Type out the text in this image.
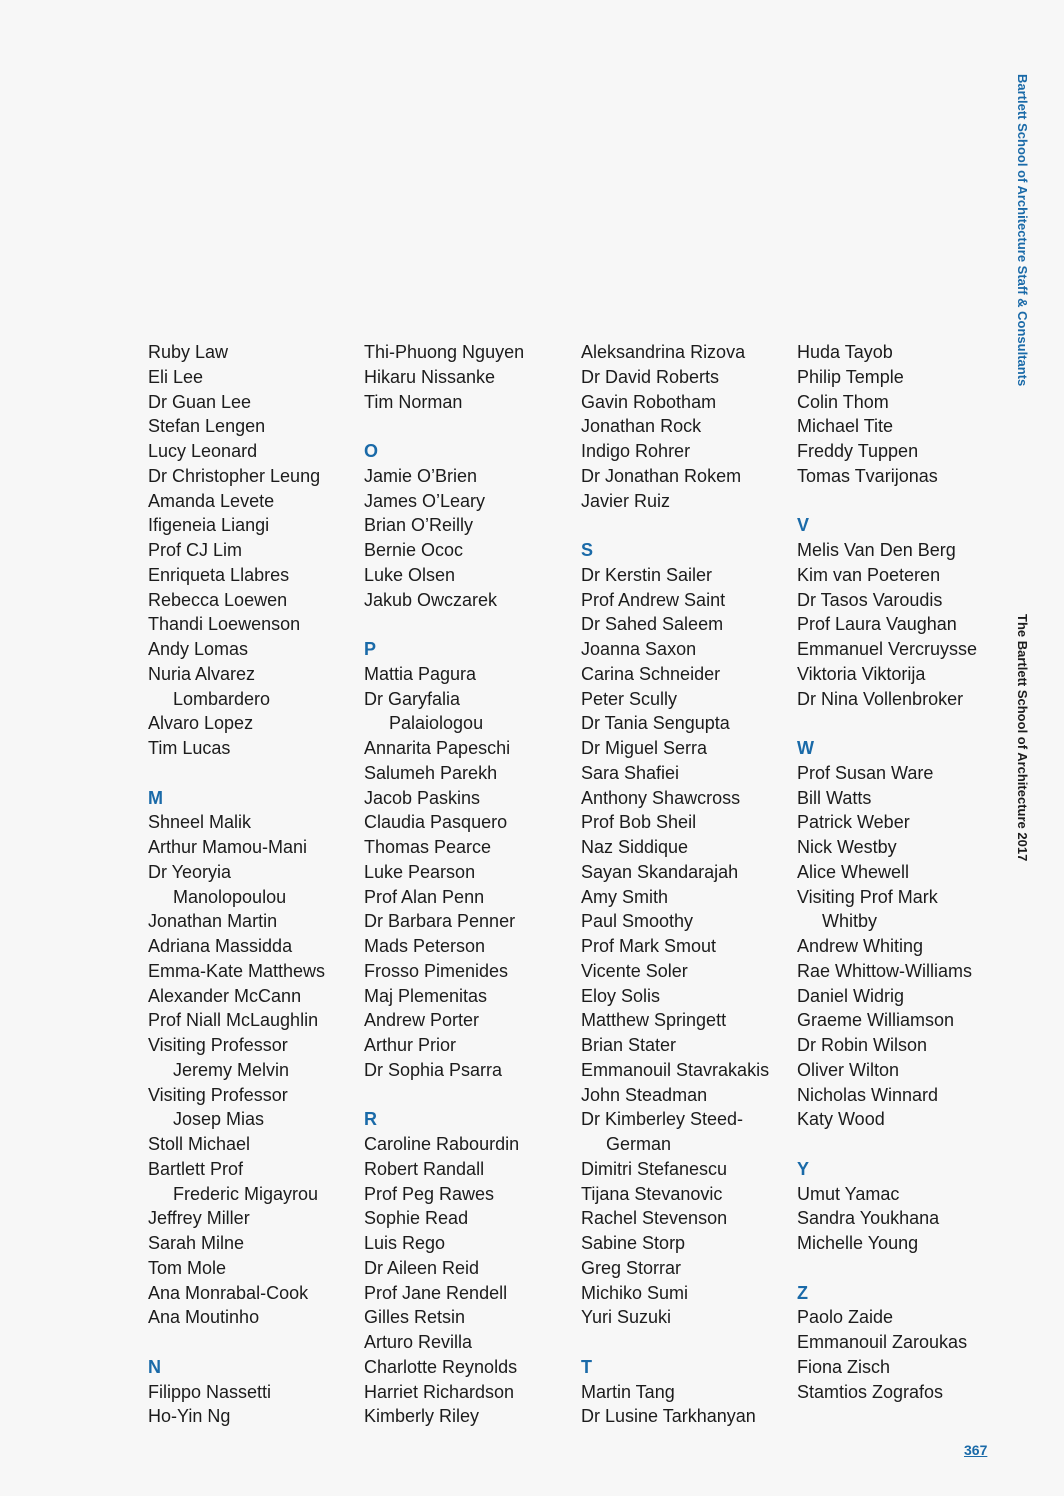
Ruby Law
Eli Lee
Dr Guan Lee
Stefan Lengen
Lucy Leonard
Dr Christopher Leung
Amanda Levete
Ifigeneia Liangi
Prof CJ Lim
Enriqueta Llabres
Rebecca Loewen
Thandi Loewenson
Andy Lomas
Nuria Alvarez
Lombardero
Alvaro Lopez
Tim Lucas
M
Shneel Malik
Arthur Mamou-Mani
Dr Yeoryia
Manolopoulou
Jonathan Martin
Adriana Massidda
Emma-Kate Matthews
Alexander McCann
Prof Niall McLaughlin
Visiting Professor
Jeremy Melvin
Visiting Professor
Josep Mias
Stoll Michael
Bartlett Prof
Frederic Migayrou
Jeffrey Miller
Sarah Milne
Tom Mole
Ana Monrabal-Cook
Ana Moutinho
N
Filippo Nassetti
Ho-Yin Ng
Thi-Phuong Nguyen
Hikaru Nissanke
Tim Norman
O
Jamie O’Brien
James O’Leary
Brian O’Reilly
Bernie Ococ
Luke Olsen
Jakub Owczarek
P
Mattia Pagura
Dr Garyfalia
Palaiologou
Annarita Papeschi
Salumeh Parekh
Jacob Paskins
Claudia Pasquero
Thomas Pearce
Luke Pearson
Prof Alan Penn
Dr Barbara Penner
Mads Peterson
Frosso Pimenides
Maj Plemenitas
Andrew Porter
Arthur Prior
Dr Sophia Psarra
R
Caroline Rabourdin
Robert Randall
Prof Peg Rawes
Sophie Read
Luis Rego
Dr Aileen Reid
Prof Jane Rendell
Gilles Retsin
Arturo Revilla
Charlotte Reynolds
Harriet Richardson
Kimberly Riley
Aleksandrina Rizova
Dr David Roberts
Gavin Robotham
Jonathan Rock
Indigo Rohrer
Dr Jonathan Rokem
Javier Ruiz
S
Dr Kerstin Sailer
Prof Andrew Saint
Dr Sahed Saleem
Joanna Saxon
Carina Schneider
Peter Scully
Dr Tania Sengupta
Dr Miguel Serra
Sara Shafiei
Anthony Shawcross
Prof Bob Sheil
Naz Siddique
Sayan Skandarajah
Amy Smith
Paul Smoothy
Prof Mark Smout
Vicente Soler
Eloy Solis
Matthew Springett
Brian Stater
Emmanouil Stavrakakis
John Steadman
Dr Kimberley Steed-
German
Dimitri Stefanescu
Tijana Stevanovic
Rachel Stevenson
Sabine Storp
Greg Storrar
Michiko Sumi
Yuri Suzuki
T
Martin Tang
Dr Lusine Tarkhanyan
Huda Tayob
Philip Temple
Colin Thom
Michael Tite
Freddy Tuppen
Tomas Tvarijonas
V
Melis Van Den Berg
Kim van Poeteren
Dr Tasos Varoudis
Prof Laura Vaughan
Emmanuel Vercruysse
Viktoria Viktorija
Dr Nina Vollenbroker
W
Prof Susan Ware
Bill Watts
Patrick Weber
Nick Westby
Alice Whewell
Visiting Prof Mark
Whitby
Andrew Whiting
Rae Whittow-Williams
Daniel Widrig
Graeme Williamson
Dr Robin Wilson
Oliver Wilton
Nicholas Winnard
Katy Wood
Y
Umut Yamac
Sandra Youkhana
Michelle Young
Z
Paolo Zaide
Emmanouil Zaroukas
Fiona Zisch
Stamtios Zografos
Bartlett School of Architecture Staff & Consultants
The Bartlett School of Architecture 2017
367
